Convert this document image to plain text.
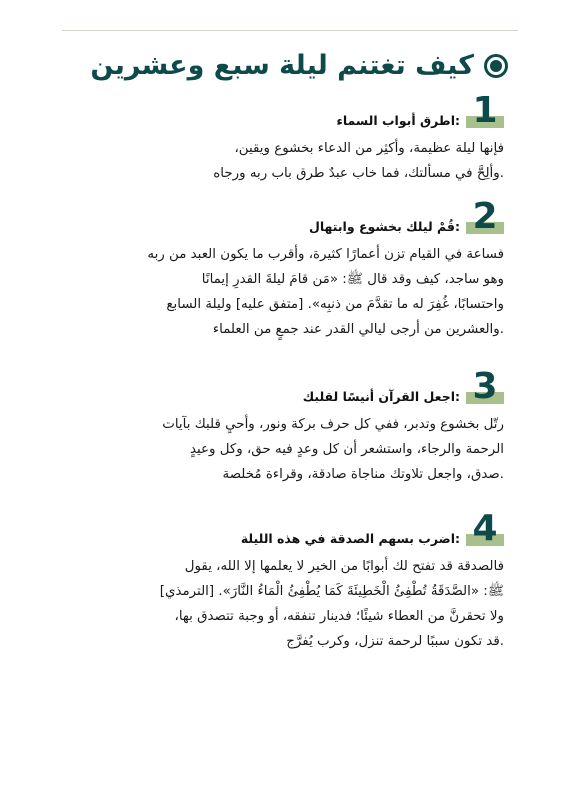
كيف تغتنم ليلة سبع وعشرين
1
:اطرق أبواب السماء
فإنها ليلة عظيمة، وأكثِر من الدعاء بخشوع ويقين،
.وألِحَّ في مسألتك، فما خاب عبدٌ طرق باب ربه ورجاه
2
:قُمْ ليلك بخشوع وابتهال
فساعة في القيام تزن أعمارًا كثيرة، وأقرب ما يكون العبد من ربه
وهو ساجد، كيف وقد قال ﷺ: «مَن قامَ ليلةَ القدرِ إيمانًا
واحتسابًا، غُفِرَ له ما تقدَّمَ من ذنبِه». [متفق عليه] وليلة السابع
.والعشرين من أرجى ليالي القدر عند جمعٍ من العلماء
3
:اجعل القرآن أنيسًا لقلبك
رتّل بخشوع وتدبر، ففي كل حرف بركة ونور، وأحيِ قلبك بآيات
الرحمة والرجاء، واستشعر أن كل وعدٍ فيه حق، وكل وعيدٍ
.صدق، واجعل تلاوتك مناجاة صادقة، وقراءة مُخلصة
4
:اضرب بسهم الصدقة في هذه الليلة
فالصدقة قد تفتح لك أبوابًا من الخير لا يعلمها إلا الله، يقول
ﷺ: «الصَّدَقَةُ تُطْفِئُ الْخَطِيئَةَ كَمَا يُطْفِئُ الْمَاءُ النَّارَ». [الترمذي]
ولا تحقرنَّ من العطاء شيئًا؛ فدينار تنفقه، أو وجبة تتصدق بها،
.قد تكون سببًا لرحمة تنزل، وكرب يُفرَّج
